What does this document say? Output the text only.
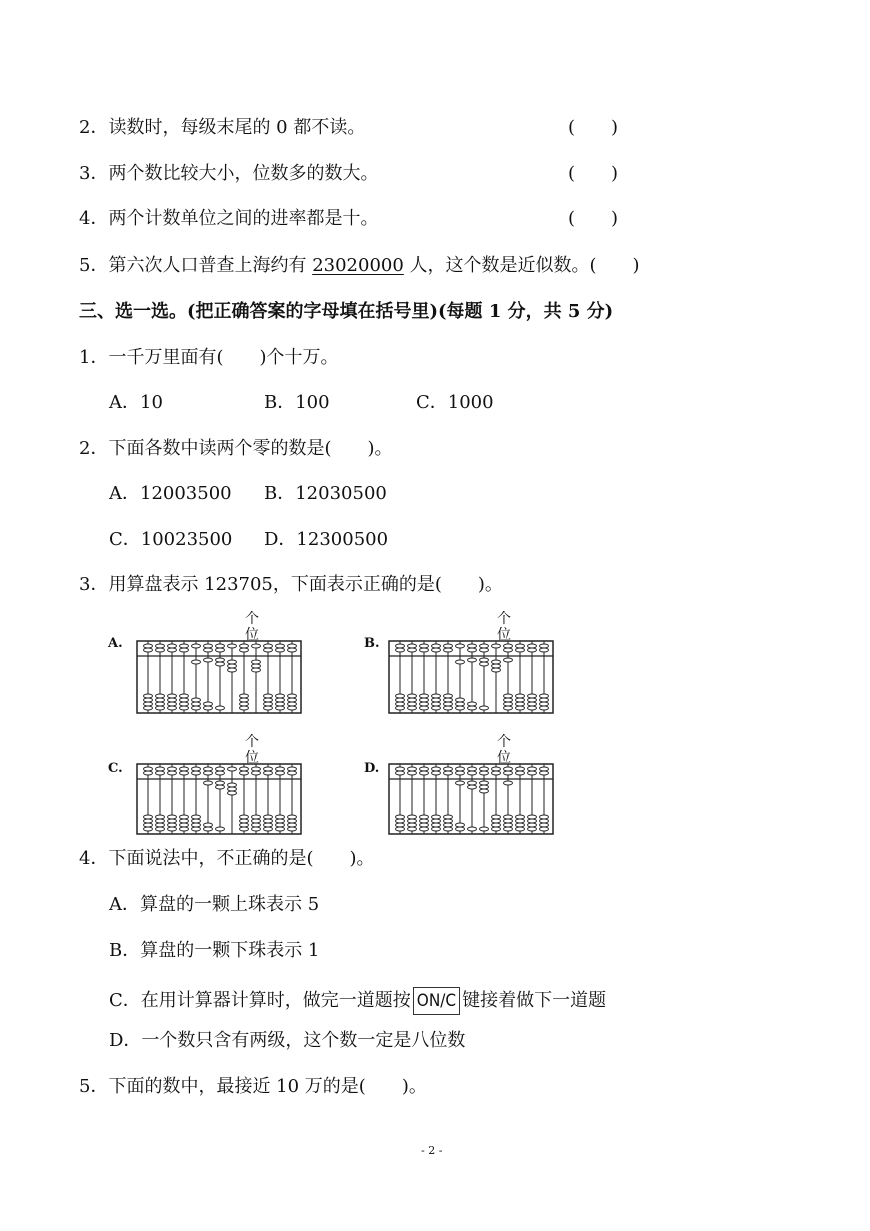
2．读数时，每级末尾的 0 都不读。	(　　)
3．两个数比较大小，位数多的数大。	(　　)
4．两个计数单位之间的进率都是十。	(　　)
5．第六次人口普查上海约有 23020000 人，这个数是近似数。(　　)
三、选一选。(把正确答案的字母填在括号里)(每题 1 分，共 5 分)
1．一千万里面有(　　)个十万。
A．10	B．100	C．1000
2．下面各数中读两个零的数是(　　)。
A．12003500 B．12030500
C．10023500 D．12300500
3．用算盘表示 123705，下面表示正确的是(　　)。
A.
个
位
B.
个
位
C.
个
位
D.
个
位
4．下面说法中，不正确的是(　　)。
A．算盘的一颗上珠表示 5
B．算盘的一颗下珠表示 1
C．在用计算器计算时，做完一道题按 ON/C 键接着做下一道题
D．一个数只含有两级，这个数一定是八位数
5．下面的数中，最接近 10 万的是(　　)。
- 2 -
